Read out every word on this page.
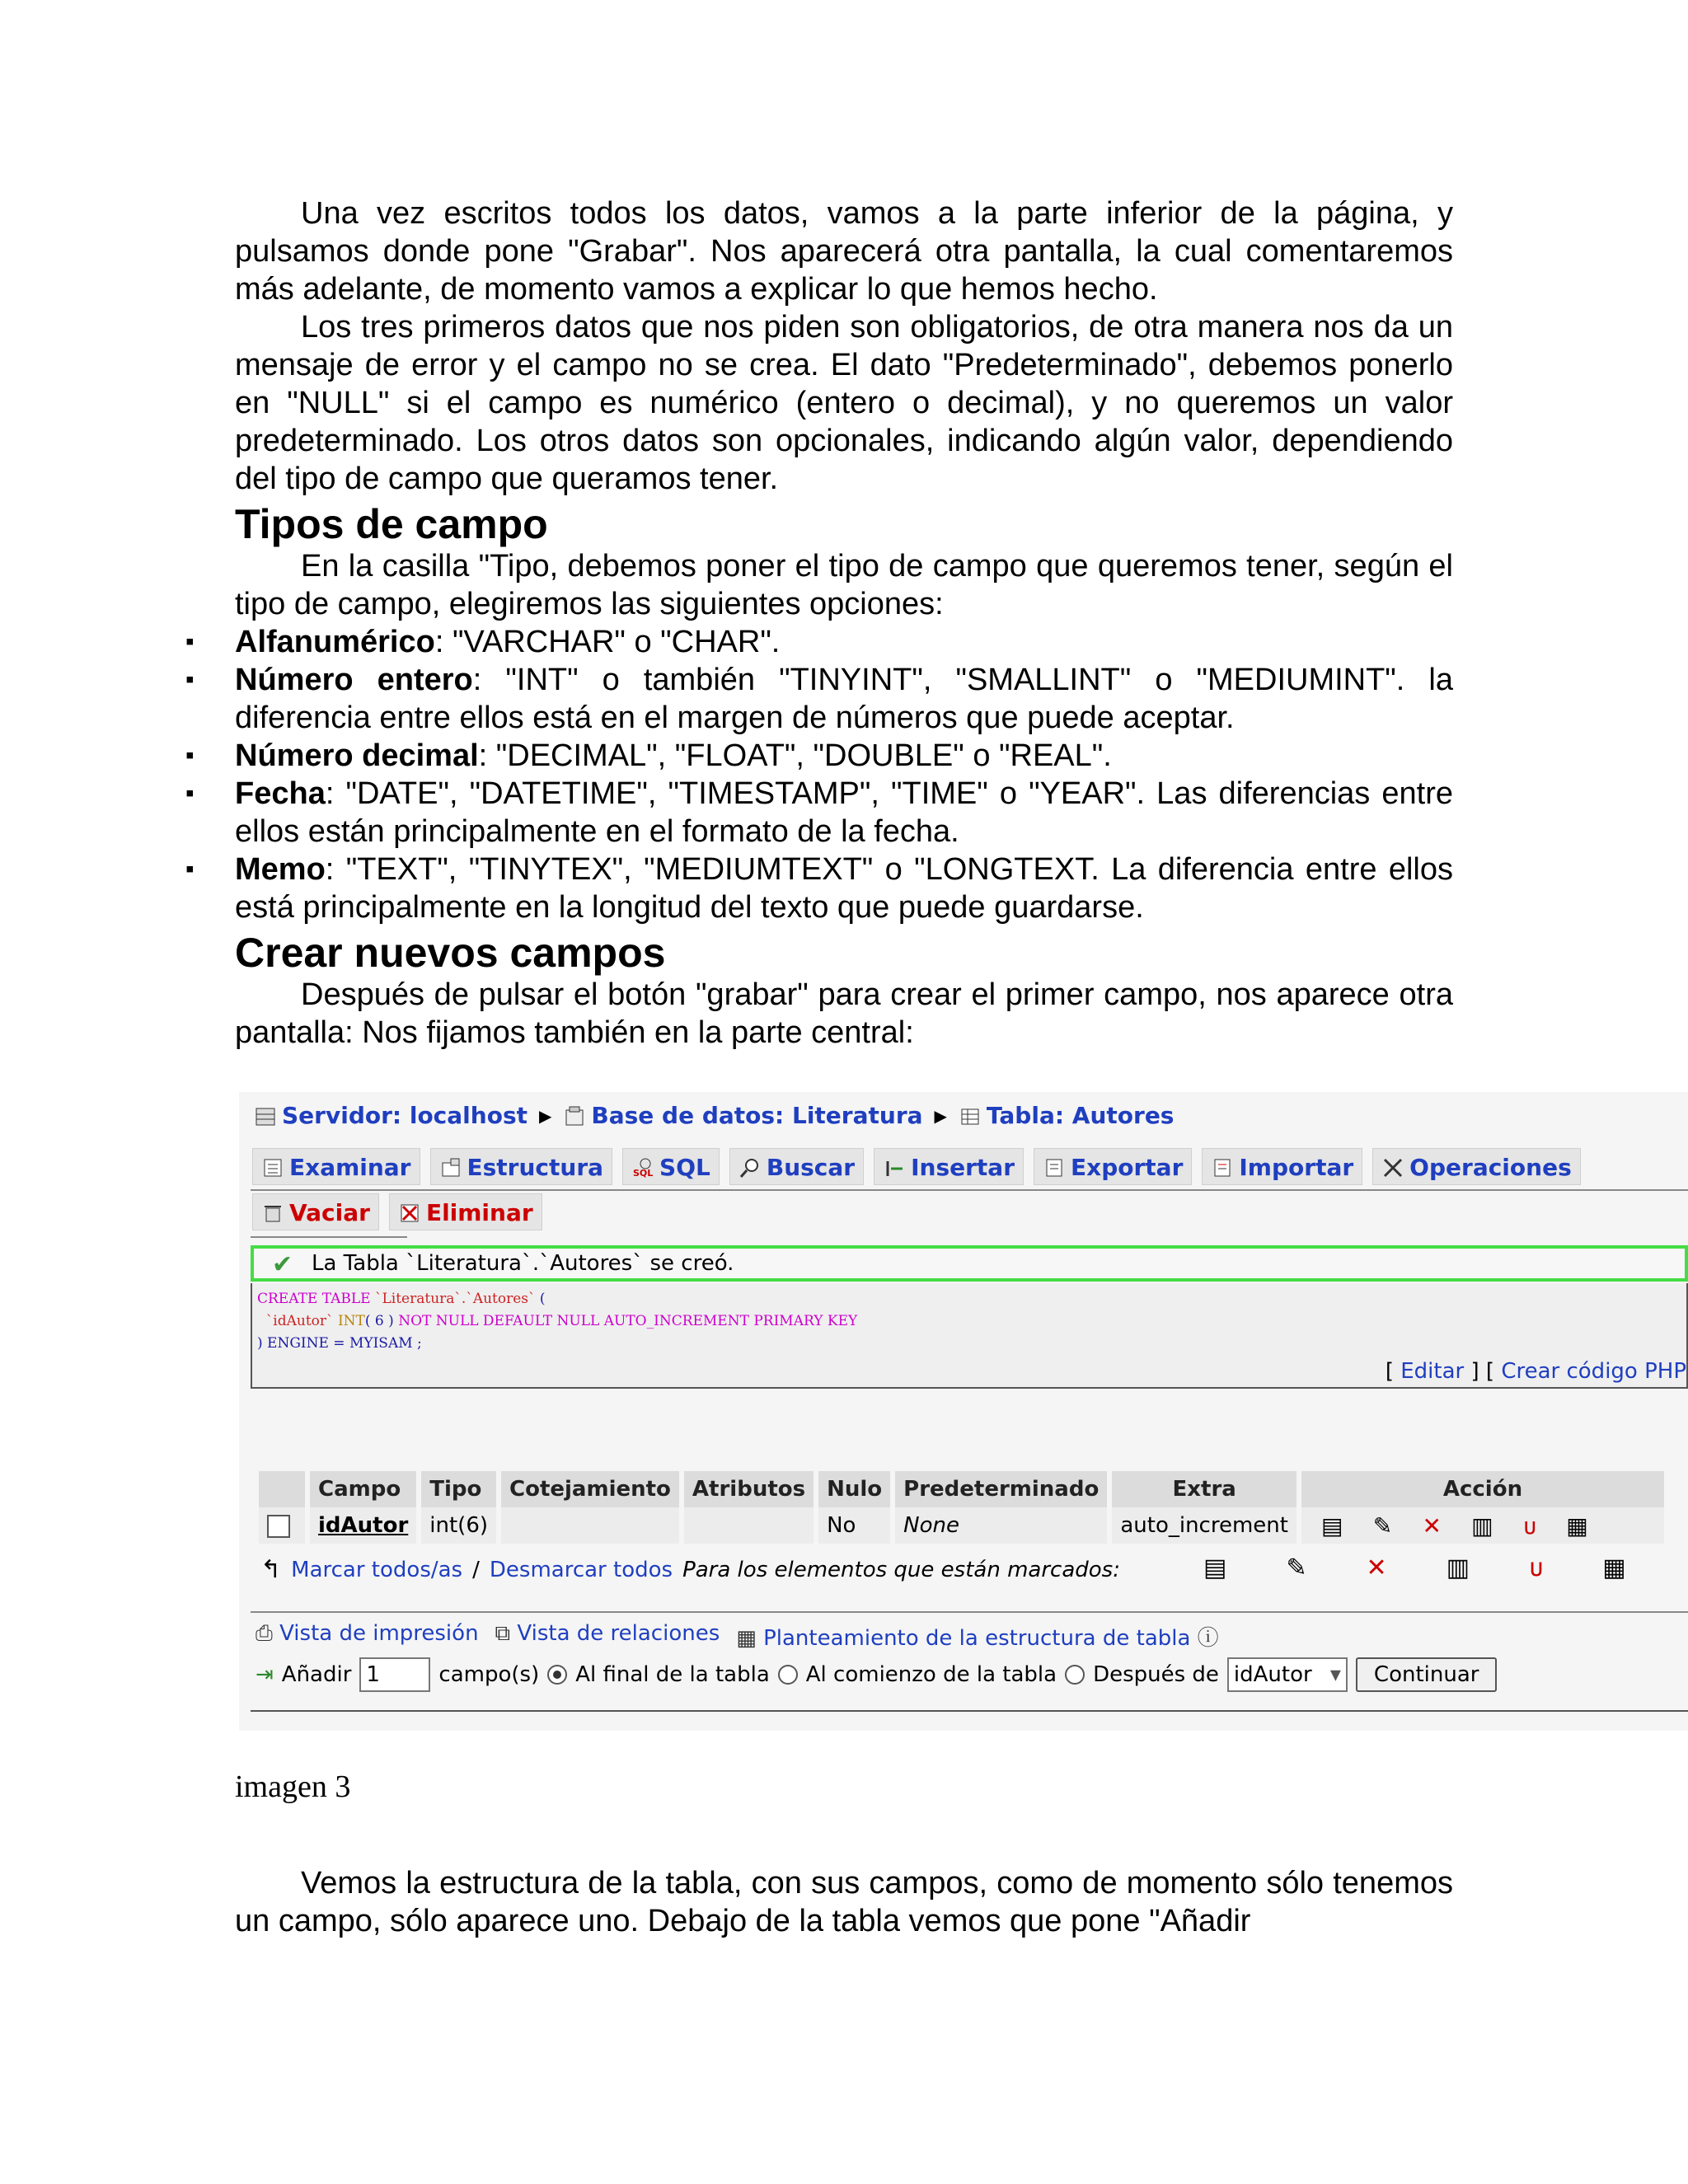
Una vez escritos todos los datos, vamos a la parte inferior de la página, y pulsamos donde pone "Grabar". Nos aparecerá otra pantalla, la cual comentaremos más adelante, de momento vamos a explicar lo que hemos hecho.

Los tres primeros datos que nos piden son obligatorios, de otra manera nos da un mensaje de error y el campo no se crea. El dato "Predeterminado", debemos ponerlo en "NULL" si el campo es numérico (entero o decimal), y no queremos un valor predeterminado. Los otros datos son opcionales, indicando algún valor, dependiendo del tipo de campo que queramos tener.

Tipos de campo

En la casilla "Tipo, debemos poner el tipo de campo que queremos tener, según el tipo de campo, elegiremos las siguientes opciones:

▪ Alfanumérico: "VARCHAR" o "CHAR".
▪ Número entero: "INT" o también "TINYINT", "SMALLINT" o "MEDIUMINT". la diferencia entre ellos está en el margen de números que puede aceptar.
▪ Número decimal: "DECIMAL", "FLOAT", "DOUBLE" o "REAL".
▪ Fecha: "DATE", "DATETIME", "TIMESTAMP", "TIME" o "YEAR". Las diferencias entre ellos están principalmente en el formato de la fecha.
▪ Memo: "TEXT", "TINYTEX", "MEDIUMTEXT" o "LONGTEXT. La diferencia entre ellos está principalmente en la longitud del texto que puede guardarse.
Crear nuevos campos

Después de pulsar el botón "grabar" para crear el primer campo, nos aparece otra pantalla: Nos fijamos también en la parte central:

Servidor: localhost ▶	Base de datos: Literatura ▶	Tabla: Autores
Examinar Estructura	SQL SQL Buscar Insertar Exportar Importar Operaciones
Vaciar Eliminar
✔ La Tabla `Literatura`.`Autores` se creó.
CREATE TABLE `Literatura`.`Autores` (
`idAutor` INT( 6 ) NOT NULL DEFAULT NULL AUTO_INCREMENT PRIMARY KEY
) ENGINE = MYISAM ;
[ Editar ] [ Crear código PHP
	Campo	Tipo	Cotejamiento	Atributos	Nulo	Predeterminado	Extra	Acción
	idAutor	int(6)			No	None	auto_increment	▤ ✎ ✕ ▥ ᴜ ▦
↰ Marcar todos/as / Desmarcar todos Para los elementos que están marcados:	▤ ✎ ✕ ▥ ᴜ ▦
⎙ Vista de impresión ⧉ Vista de relaciones ▦ Planteamiento de la estructura de tabla ⓘ
⇥ Añadir 1	campo(s) Al final de la tabla Al comienzo de la tabla Después de idAutor ▾	Continuar
imagen 3

Vemos la estructura de la tabla, con sus campos, como de momento sólo tenemos un campo, sólo aparece uno. Debajo de la tabla vemos que pone "Añadir
